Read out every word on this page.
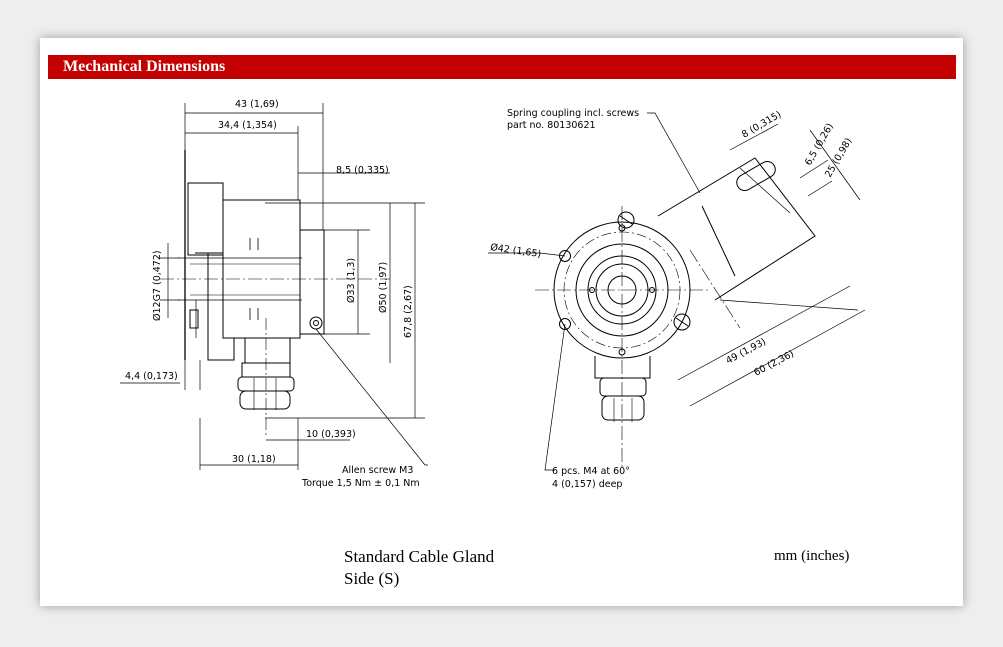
Mechanical Dimensions
43 (1,69)
34,4 (1,354)
8,5 (0,335)
Ø12G7 (0,472)	Ø33 (1,3) Ø50 (1,97) 67,8 (2,67)
4,4 (0,173)
10 (0,393)
30 (1,18)
Allen screw M3
Torque 1,5 Nm ± 0,1 Nm
Spring coupling incl. screws
part no. 80130621
Ø42 (1,65)
8 (0,315) 6,5 (0,26)
25 (0,98)
49 (1,93)
60 (2,36)
6 pcs. M4 at 60°
4 (0,157) deep
Standard Cable Gland
Side (S)
mm (inches)
